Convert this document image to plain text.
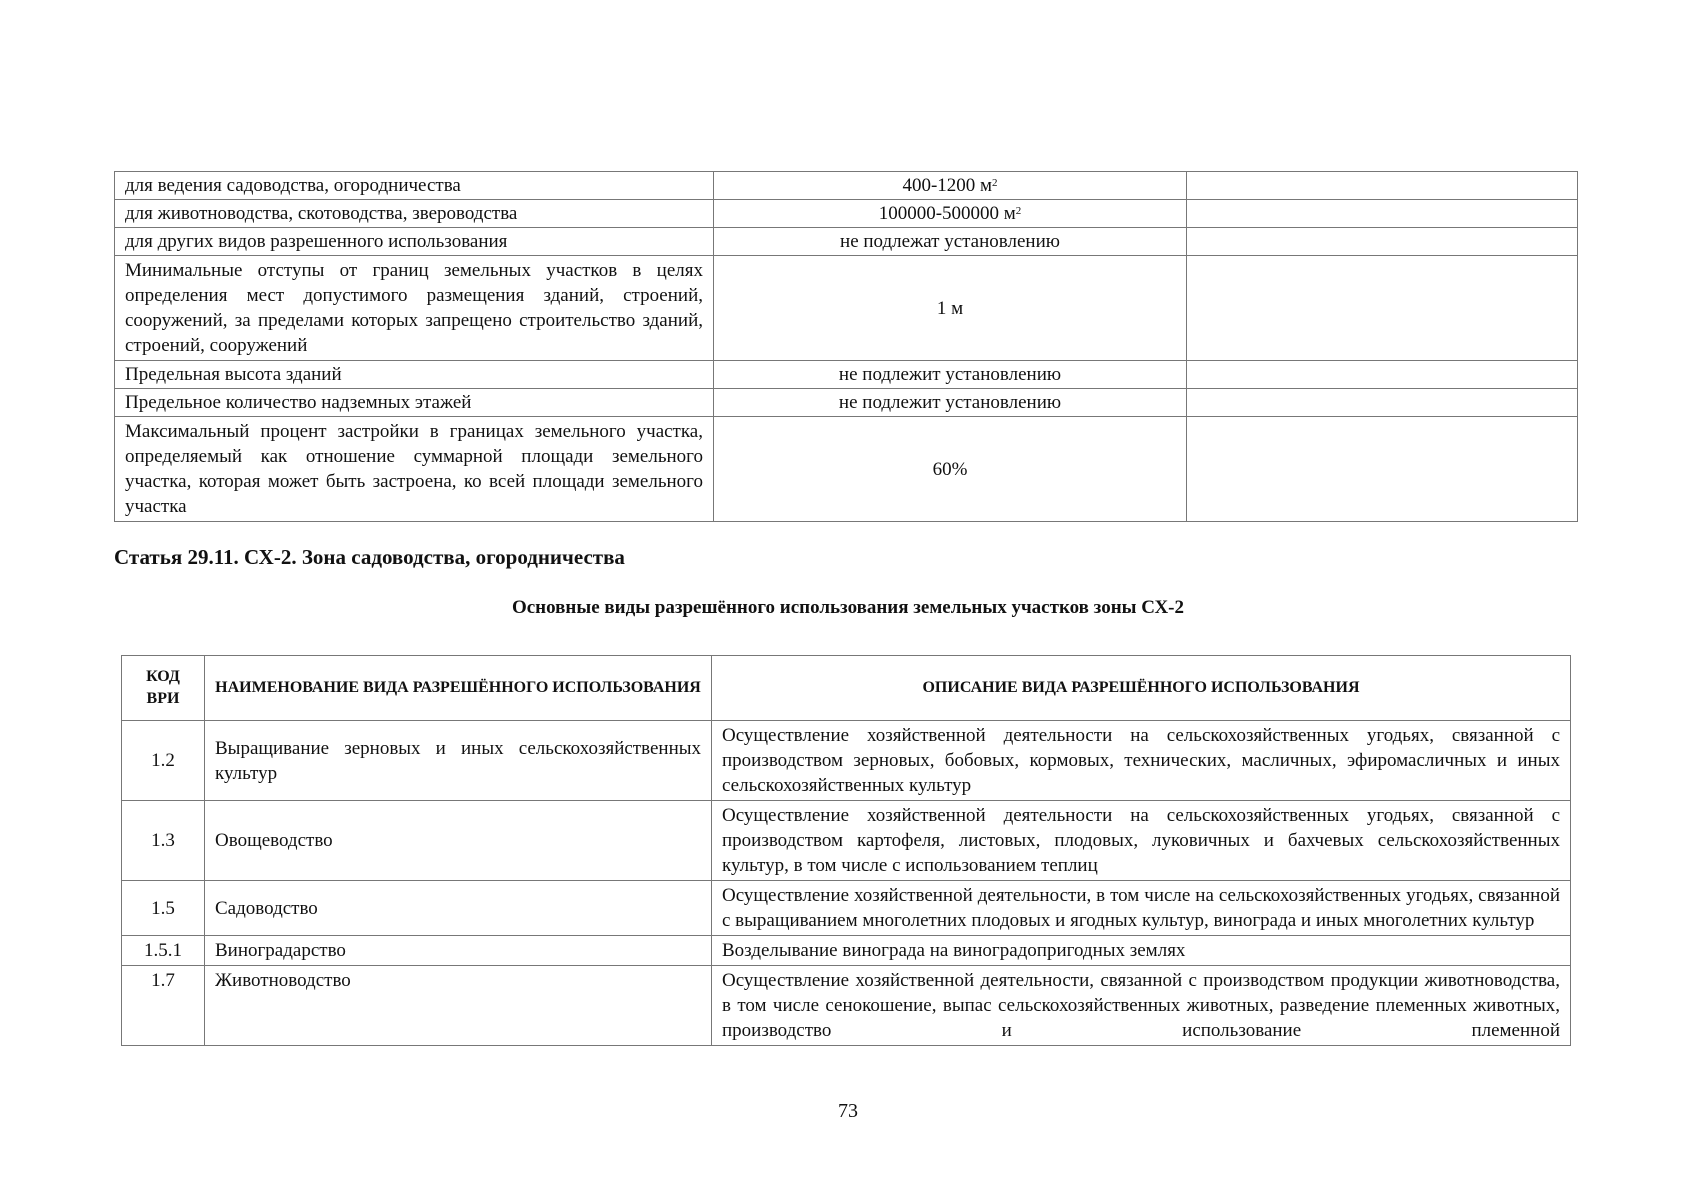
для ведения садоводства, огородничества	400-1200 $м^2$	
для животноводства, скотоводства, звероводства	100000-500000 $м^2$	
для других видов разрешенного использования	не подлежат установлению	
Минимальные отступы от границ земельных участков в целях определения мест допустимого размещения зданий, строений, сооружений, за пределами которых запрещено строительство зданий, строений, сооружений	1 м	
Предельная высота зданий	не подлежит установлению	
Предельное количество надземных этажей	не подлежит установлению	
Максимальный процент застройки в границах земельного участка, определяемый как отношение суммарной площади земельного участка, которая может быть застроена, ко всей площади земельного участка	60%	
Статья 29.11. СХ-2. Зона садоводства, огородничества
Основные виды разрешённого использования земельных участков зоны СХ-2
КОД ВРИ	НАИМЕНОВАНИЕ ВИДА РАЗРЕШЁННОГО ИСПОЛЬЗОВАНИЯ	ОПИСАНИЕ ВИДА РАЗРЕШЁННОГО ИСПОЛЬЗОВАНИЯ
1.2	Выращивание зерновых и иных сельскохозяйственных культур	Осуществление хозяйственной деятельности на сельскохозяйственных угодьях, связанной с производством зерновых, бобовых, кормовых, технических, масличных, эфиромасличных и иных сельскохозяйственных культур
1.3	Овощеводство	Осуществление хозяйственной деятельности на сельскохозяйственных угодьях, связанной с производством картофеля, листовых, плодовых, луковичных и бахчевых сельскохозяйственных культур, в том числе с использованием теплиц
1.5	Садоводство	Осуществление хозяйственной деятельности, в том числе на сельскохозяйственных угодьях, связанной с выращиванием многолетних плодовых и ягодных культур, винограда и иных многолетних культур
1.5.1	Виноградарство	Возделывание винограда на виноградопригодных землях
1.7	Животноводство	Осуществление хозяйственной деятельности, связанной с производством продукции животноводства, в том числе сенокошение, выпас сельскохозяйственных животных, разведение племенных животных, производство и использование племенной
73
